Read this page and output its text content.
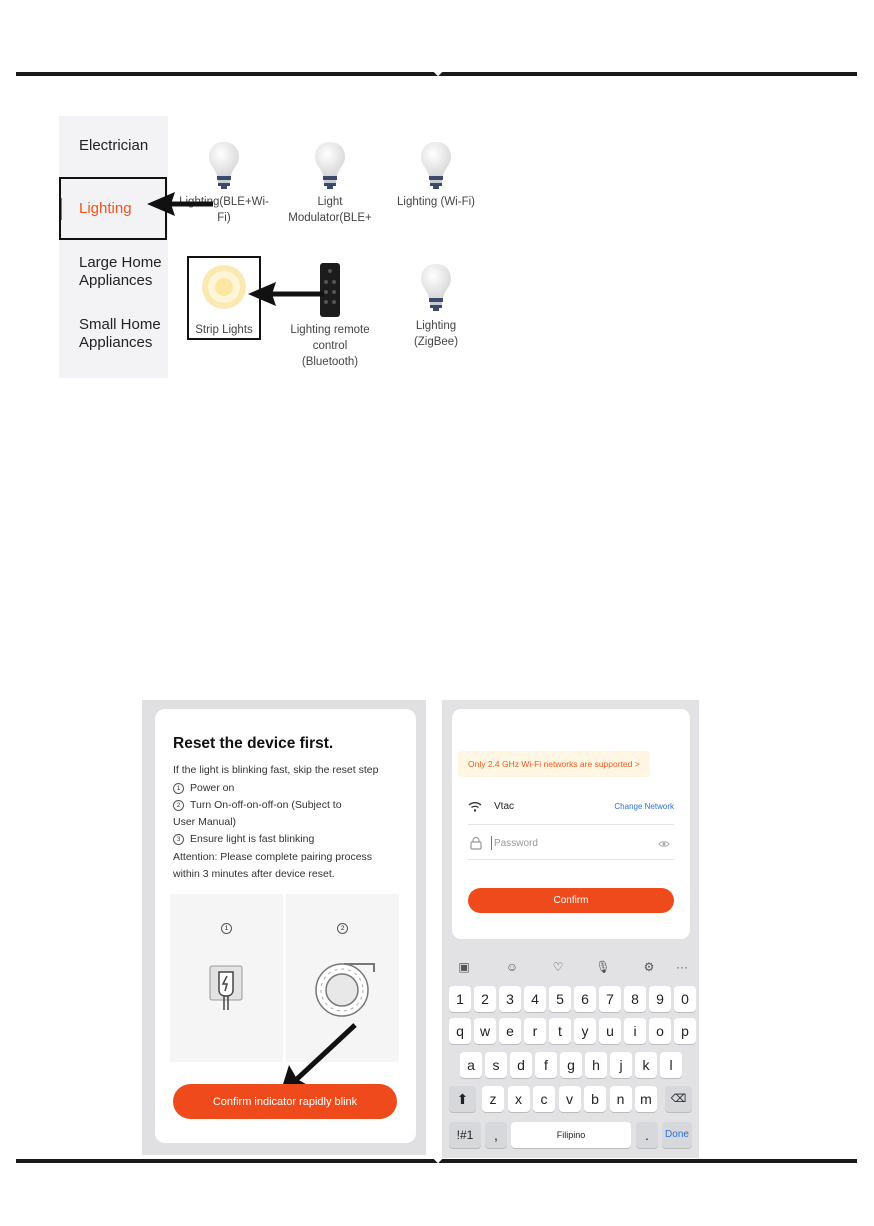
Electrician
Lighting
Large Home Appliances
Small Home Appliances
Lighting(BLE+Wi-Fi)
Light Modulator(BLE+
Lighting (Wi-Fi)
Strip Lights	Lighting remote control (Bluetooth)
Lighting (ZigBee)
Reset the device first.
If the light is blinking fast, skip the reset step
1 Power on
2 Turn On-off-on-off-on (Subject to
User Manual)
3 Ensure light is fast blinking
Attention: Please complete pairing process
within 3 minutes after device reset.
1	2
Confirm indicator rapidly blink
Only 2.4 GHz Wi-Fi networks are supported >
Vtac	Change Network
Password
Confirm
▣	☺	♡	🎙	⚙	···
1	2	3	4	5	6	7	8	9	0
q	w	e	r	t	y	u	i	o	p
a	s	d	f	g	h	j	k	l
z	x	c	v	b	n	m
⬆	⌫
!#1	,	Filipino	.	Done
